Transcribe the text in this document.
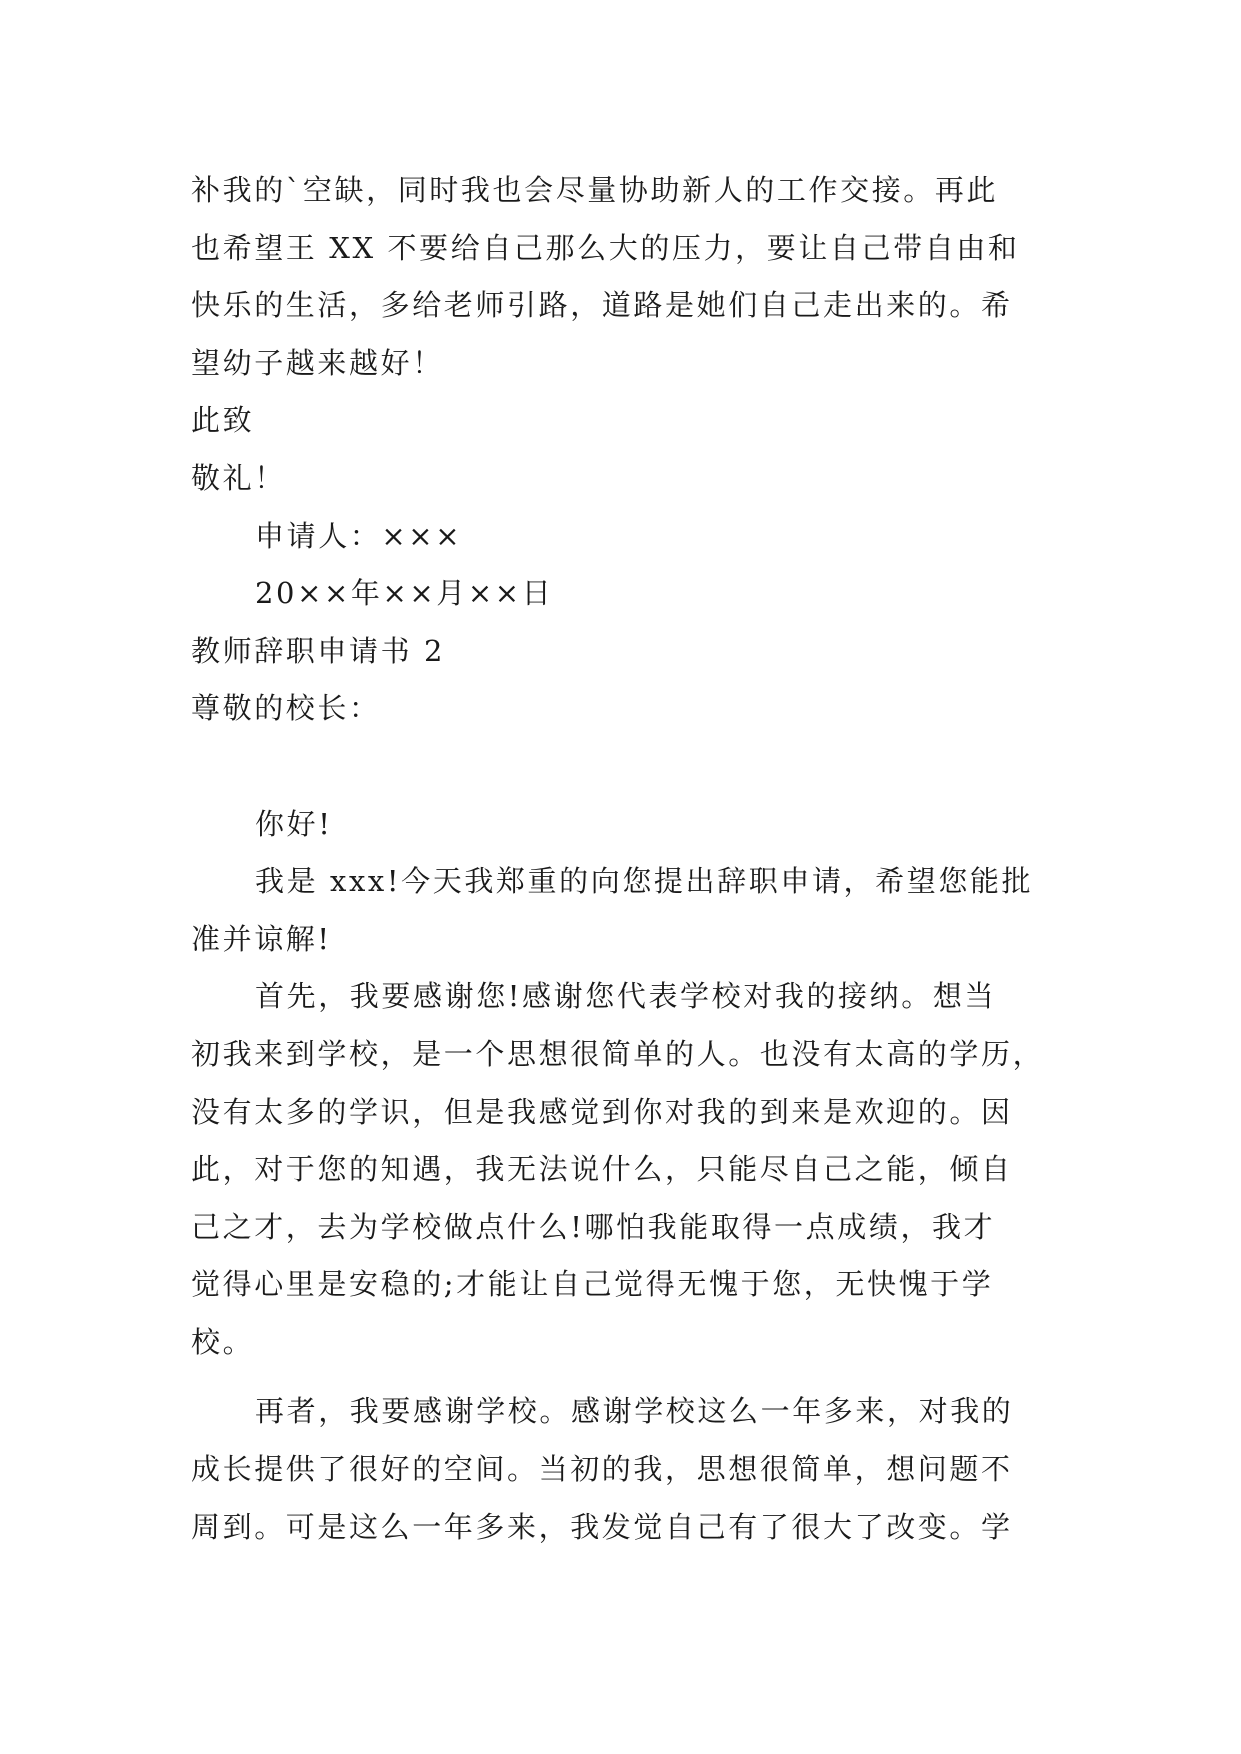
补我的`空缺，同时我也会尽量协助新人的工作交接。再此
也希望王 XX 不要给自己那么大的压力，要让自己带自由和
快乐的生活，多给老师引路，道路是她们自己走出来的。希
望幼子越来越好！
此致
敬礼！
申请人：×××
20××年××月××日
教师辞职申请书 2
尊敬的校长：
你好!
我是 xxx!今天我郑重的向您提出辞职申请，希望您能批
准并谅解!
首先，我要感谢您!感谢您代表学校对我的接纳。想当
初我来到学校，是一个思想很简单的人。也没有太高的学历，
没有太多的学识，但是我感觉到你对我的到来是欢迎的。因
此，对于您的知遇，我无法说什么，只能尽自己之能，倾自
己之才，去为学校做点什么!哪怕我能取得一点成绩，我才
觉得心里是安稳的;才能让自己觉得无愧于您，无快愧于学
校。
再者，我要感谢学校。感谢学校这么一年多来，对我的
成长提供了很好的空间。当初的我，思想很简单，想问题不
周到。可是这么一年多来，我发觉自己有了很大了改变。学
